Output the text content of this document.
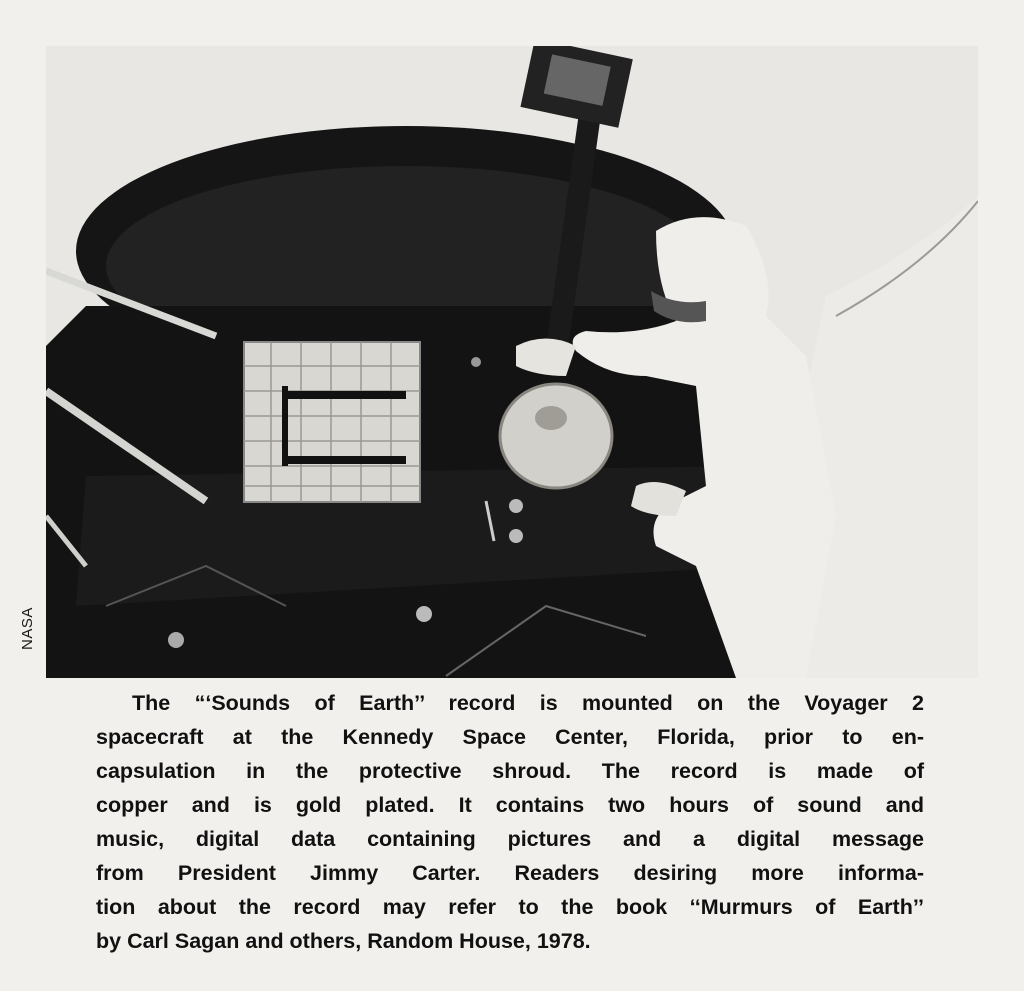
NASA

The “‘Sounds of Earth’’ record is mounted on the Voyager 2
spacecraft at the Kennedy Space Center, Florida, prior to en-
capsulation in the protective shroud. The record is made of
copper and is gold plated. It contains two hours of sound and
music, digital data containing pictures and a digital message
from President Jimmy Carter. Readers desiring more informa-
tion about the record may refer to the book ‘‘Murmurs of Earth’’
by Carl Sagan and others, Random House, 1978.
